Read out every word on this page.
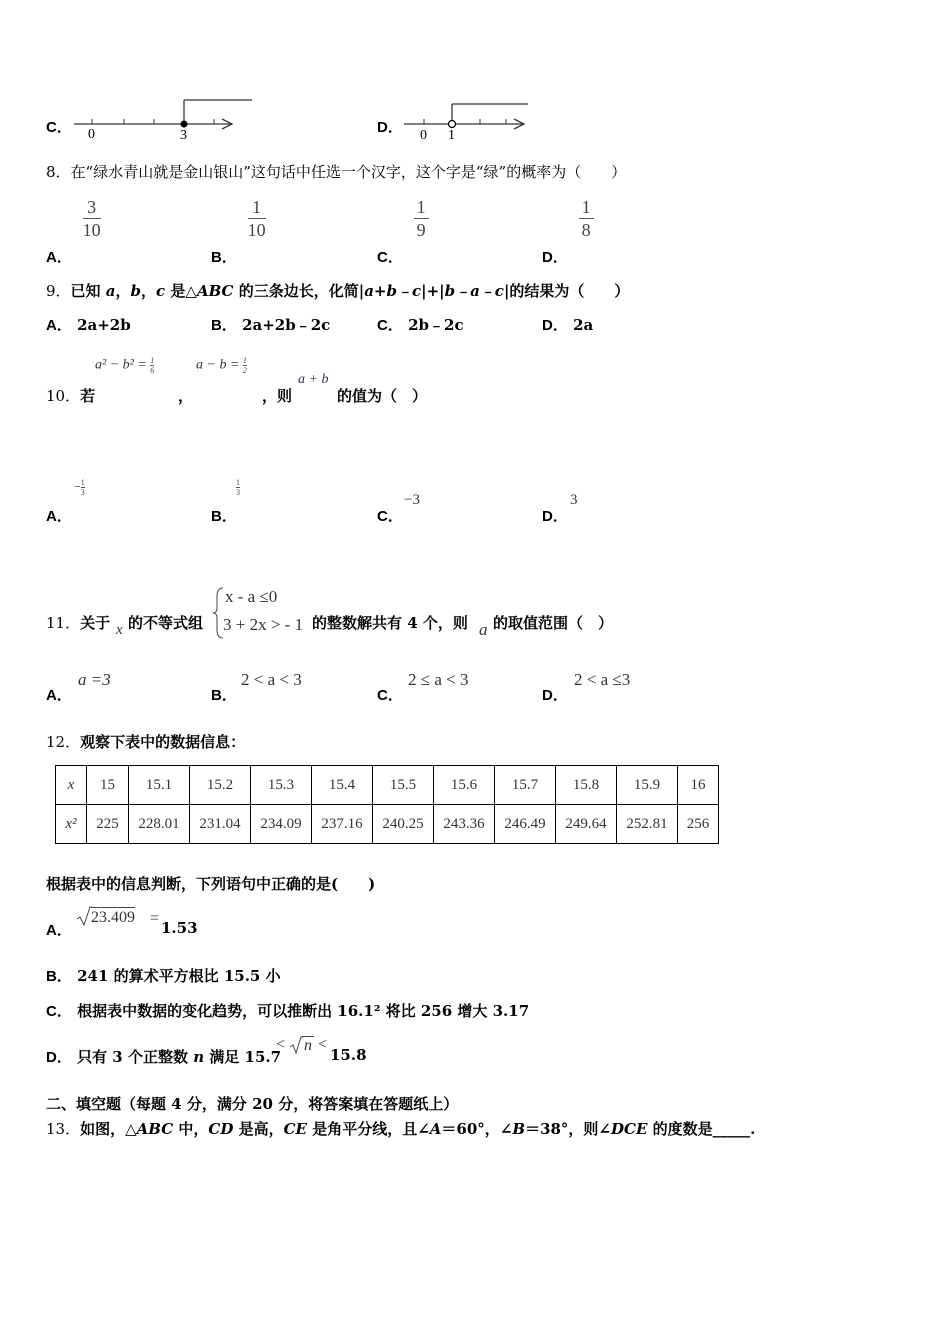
C． 0	3	D． 0 1
8．在“绿水青山就是金山银山”这句话中任选一个汉字，这个字是“绿”的概率为（　　）
A．
$\frac{3}{10}$
B．
$\frac{1}{10}$
C．
$\frac{1}{9}$
D．
$\frac{1}{8}$
9．已知 a，b，c 是△ABC 的三条边长，化简|a+b﹣c|+|b﹣a﹣c|的结果为（　　）
A． 2a+2b	B． 2a+2b﹣2c	C． 2b﹣2c	D． 2a
$a^2 - b^2 = \frac{1}{6}$	$a - b = \frac{1}{2}$
10．若	，	，则
a + b
的值为（　）
A．
− $\frac{1}{3}$
B．
$\frac{1}{3}$
C．
−3
D．
3
11．关于 x 的不等式组
x - a ≤0
3 + 2x > - 1 的整数解共有 4 个，则 a 的取值范围（　）
A．
a =3
B．
2 < a < 3
C．
2 ≤ a < 3
D．
2 < a ≤3
12．观察下表中的数据信息：
x	15	15.1	15.2	15.3	15.4	15.5	15.6	15.7	15.8	15.9	16
x²	225	228.01	231.04	234.09	237.16	240.25	243.36	246.49	249.64	252.81	256
根据表中的信息判断，下列语句中正确的是(　　)
A．
23.409 =
1.53
B． 241 的算术平方根比 15.5 小
C． 根据表中数据的变化趋势，可以推断出 16.1² 将比 256 增大 3.17
D． 只有 3 个正整数 n 满足 15.7
< n <
15.8
二、填空题（每题 4 分，满分 20 分，将答案填在答题纸上）
13．如图，△ABC 中，CD 是高，CE 是角平分线，且∠A＝60°，∠B＝38°，则∠DCE 的度数是_____.
